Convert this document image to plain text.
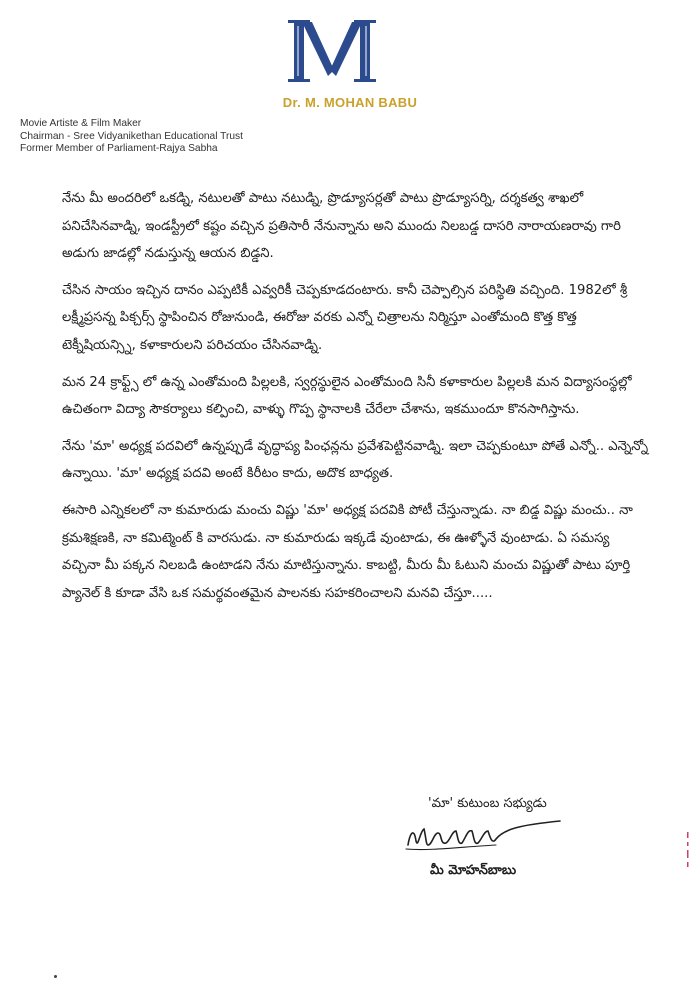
Dr. M. MOHAN BABU
Movie Artiste & Film Maker
Chairman - Sree Vidyanikethan Educational Trust
Former Member of Parliament-Rajya Sabha

నేను మీ అందరిలో ఒకడ్ని, నటులతో పాటు నటుడ్ని, ప్రొడ్యూసర్లతో పాటు ప్రొడ్యూసర్ని, దర్శకత్వ శాఖలో పనిచేసినవాడ్ని, ఇండస్ట్రీలో కష్టం వచ్చిన ప్రతిసారీ నేనున్నాను అని ముందు నిలబడ్డ దాసరి నారాయణరావు గారి అడుగు జాడల్లో నడుస్తున్న ఆయన బిడ్డని.

చేసిన సాయం ఇచ్చిన దానం ఎప్పటికీ ఎవ్వరికీ చెప్పకూడదంటారు. కానీ చెప్పాల్సిన పరిస్థితి వచ్చింది. 1982లో శ్రీ లక్ష్మీప్రసన్న పిక్చర్స్ స్థాపించిన రోజునుండి, ఈరోజు వరకు ఎన్నో చిత్రాలను నిర్మిస్తూ ఎంతోమంది కొత్త కొత్త టెక్నీషియన్స్ని, కళాకారులని పరిచయం చేసినవాడ్ని.

మన 24 క్రాఫ్ట్స్ లో ఉన్న ఎంతోమంది పిల్లలకి, స్వర్గస్థులైన ఎంతోమంది సినీ కళాకారుల పిల్లలకి మన విద్యాసంస్థల్లో ఉచితంగా విద్యా సౌకర్యాలు కల్పించి, వాళ్ళు గొప్ప స్థానాలకి చేరేలా చేశాను, ఇకముందూ కొనసాగిస్తాను.

నేను 'మా' అధ్యక్ష పదవిలో ఉన్నప్పుడే వృద్ధాప్య పింఛన్లను ప్రవేశపెట్టినవాడ్ని. ఇలా చెప్పకుంటూ పోతే ఎన్నో.. ఎన్నెన్నో ఉన్నాయి. 'మా' అధ్యక్ష పదవి అంటే కిరీటం కాదు, అదొక బాధ్యత.

ఈసారి ఎన్నికలలో నా కుమారుడు మంచు విష్ణు 'మా' అధ్యక్ష పదవికి పోటీ చేస్తున్నాడు. నా బిడ్డ విష్ణు మంచు.. నా క్రమశిక్షణకి, నా కమిట్మెంట్ కి వారసుడు. నా కుమారుడు ఇక్కడే వుంటాడు, ఈ ఊళ్ళోనే వుంటాడు. ఏ సమస్య వచ్చినా మీ పక్కన నిలబడి ఉంటాడని నేను మాటిస్తున్నాను. కాబట్టి, మీరు మీ ఓటుని మంచు విష్ణుతో పాటు పూర్తి ప్యానెల్ కి కూడా వేసి ఒక సమర్థవంతమైన పాలనకు సహకరించాలని మనవి చేస్తూ.....

'మా' కుటుంబ సభ్యుడు
మీ మోహన్‌బాబు
